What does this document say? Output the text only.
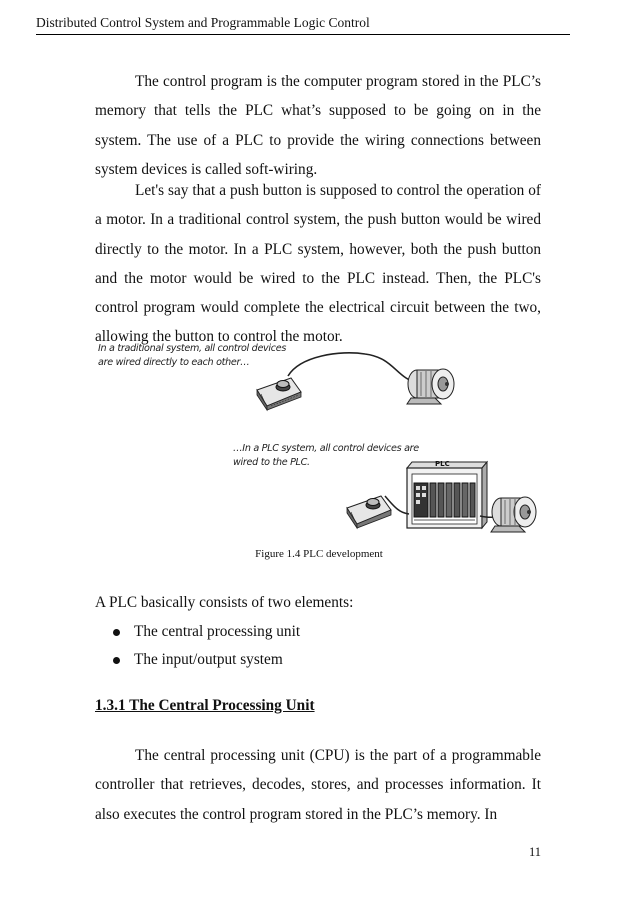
Distributed Control System and Programmable Logic Control

The control program is the computer program stored in the PLC’s memory that tells the PLC what’s supposed to be going on in the system. The use of a PLC to provide the wiring connections between system devices is called soft-wiring.

Let's say that a push button is supposed to control the operation of a motor. In a traditional control system, the push button would be wired directly to the motor. In a PLC system, however, both the push button and the motor would be wired to the PLC instead. Then, the PLC's control program would complete the electrical circuit between the two, allowing the button to control the motor.

In a traditional system, all control devices
are wired directly to each other…
…In a PLC system, all control devices are
wired to the PLC.	PLC
Figure 1.4 PLC development
A PLC basically consists of two elements:
The central processing unit
The input/output system
1.3.1 The Central Processing Unit

The central processing unit (CPU) is the part of a programmable controller that retrieves, decodes, stores, and processes information. It also executes the control program stored in the PLC’s memory. In

11
